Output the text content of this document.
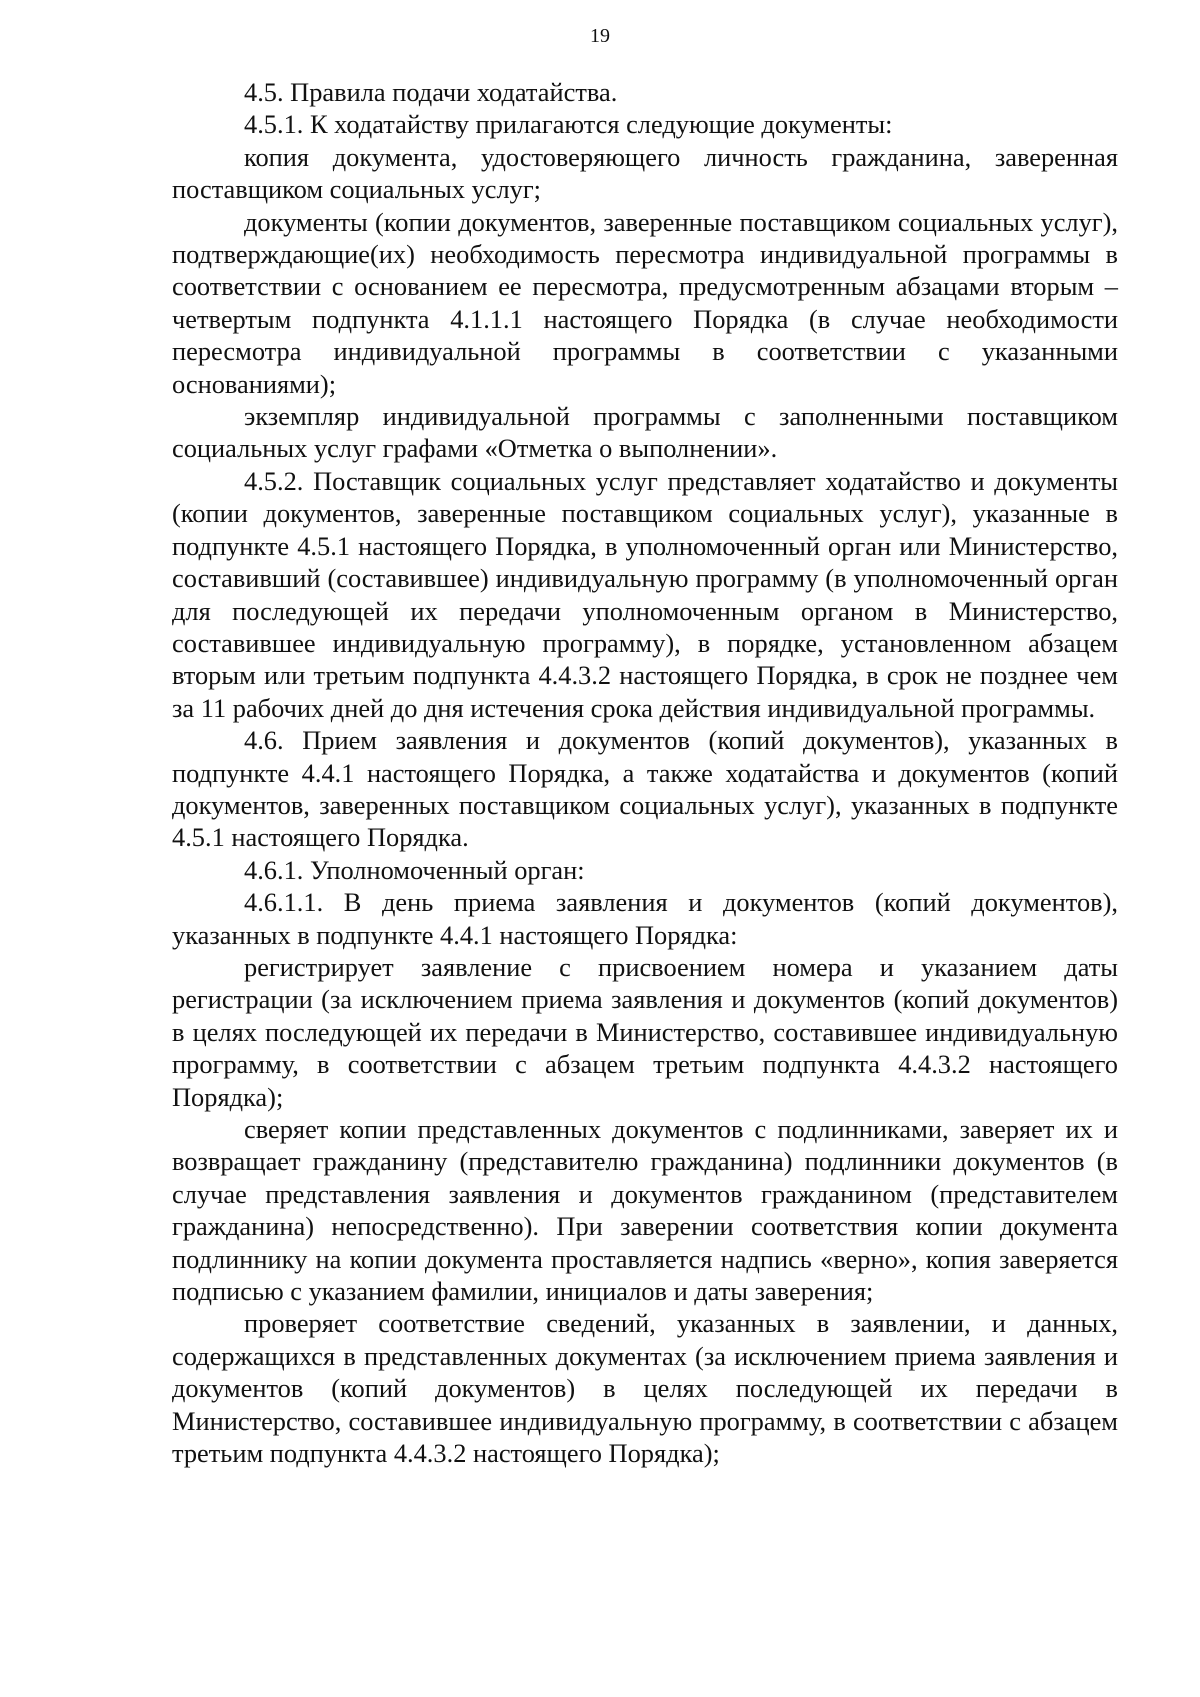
19

4.5. Правила подачи ходатайства.

4.5.1. К ходатайству прилагаются следующие документы:

копия документа, удостоверяющего личность гражданина, заверенная поставщиком социальных услуг;

документы (копии документов, заверенные поставщиком социальных услуг), подтверждающие(их) необходимость пересмотра индивидуальной программы в соответствии с основанием ее пересмотра, предусмотренным абзацами вторым – четвертым подпункта 4.1.1.1 настоящего Порядка (в случае необходимости пересмотра индивидуальной программы в соответствии с указанными основаниями);

экземпляр индивидуальной программы с заполненными поставщиком социальных услуг графами «Отметка о выполнении».

4.5.2. Поставщик социальных услуг представляет ходатайство и документы (копии документов, заверенные поставщиком социальных услуг), указанные в подпункте 4.5.1 настоящего Порядка, в уполномоченный орган или Министерство, составивший (составившее) индивидуальную программу (в уполномоченный орган для последующей их передачи уполномоченным органом в Министерство, составившее индивидуальную программу), в порядке, установленном абзацем вторым или третьим подпункта 4.4.3.2 настоящего Порядка, в срок не позднее чем за 11 рабочих дней до дня истечения срока действия индивидуальной программы.

4.6. Прием заявления и документов (копий документов), указанных в подпункте 4.4.1 настоящего Порядка, а также ходатайства и документов (копий документов, заверенных поставщиком социальных услуг), указанных в подпункте 4.5.1 настоящего Порядка.

4.6.1. Уполномоченный орган:

4.6.1.1. В день приема заявления и документов (копий документов), указанных в подпункте 4.4.1 настоящего Порядка:

регистрирует заявление с присвоением номера и указанием даты регистрации (за исключением приема заявления и документов (копий документов) в целях последующей их передачи в Министерство, составившее индивидуальную программу, в соответствии с абзацем третьим подпункта 4.4.3.2 настоящего Порядка);

сверяет копии представленных документов с подлинниками, заверяет их и возвращает гражданину (представителю гражданина) подлинники документов (в случае представления заявления и документов гражданином (представителем гражданина) непосредственно). При заверении соответствия копии документа подлиннику на копии документа проставляется надпись «верно», копия заверяется подписью с указанием фамилии, инициалов и даты заверения;

проверяет соответствие сведений, указанных в заявлении, и данных, содержащихся в представленных документах (за исключением приема заявления и документов (копий документов) в целях последующей их передачи в Министерство, составившее индивидуальную программу, в соответствии с абзацем третьим подпункта 4.4.3.2 настоящего Порядка);
